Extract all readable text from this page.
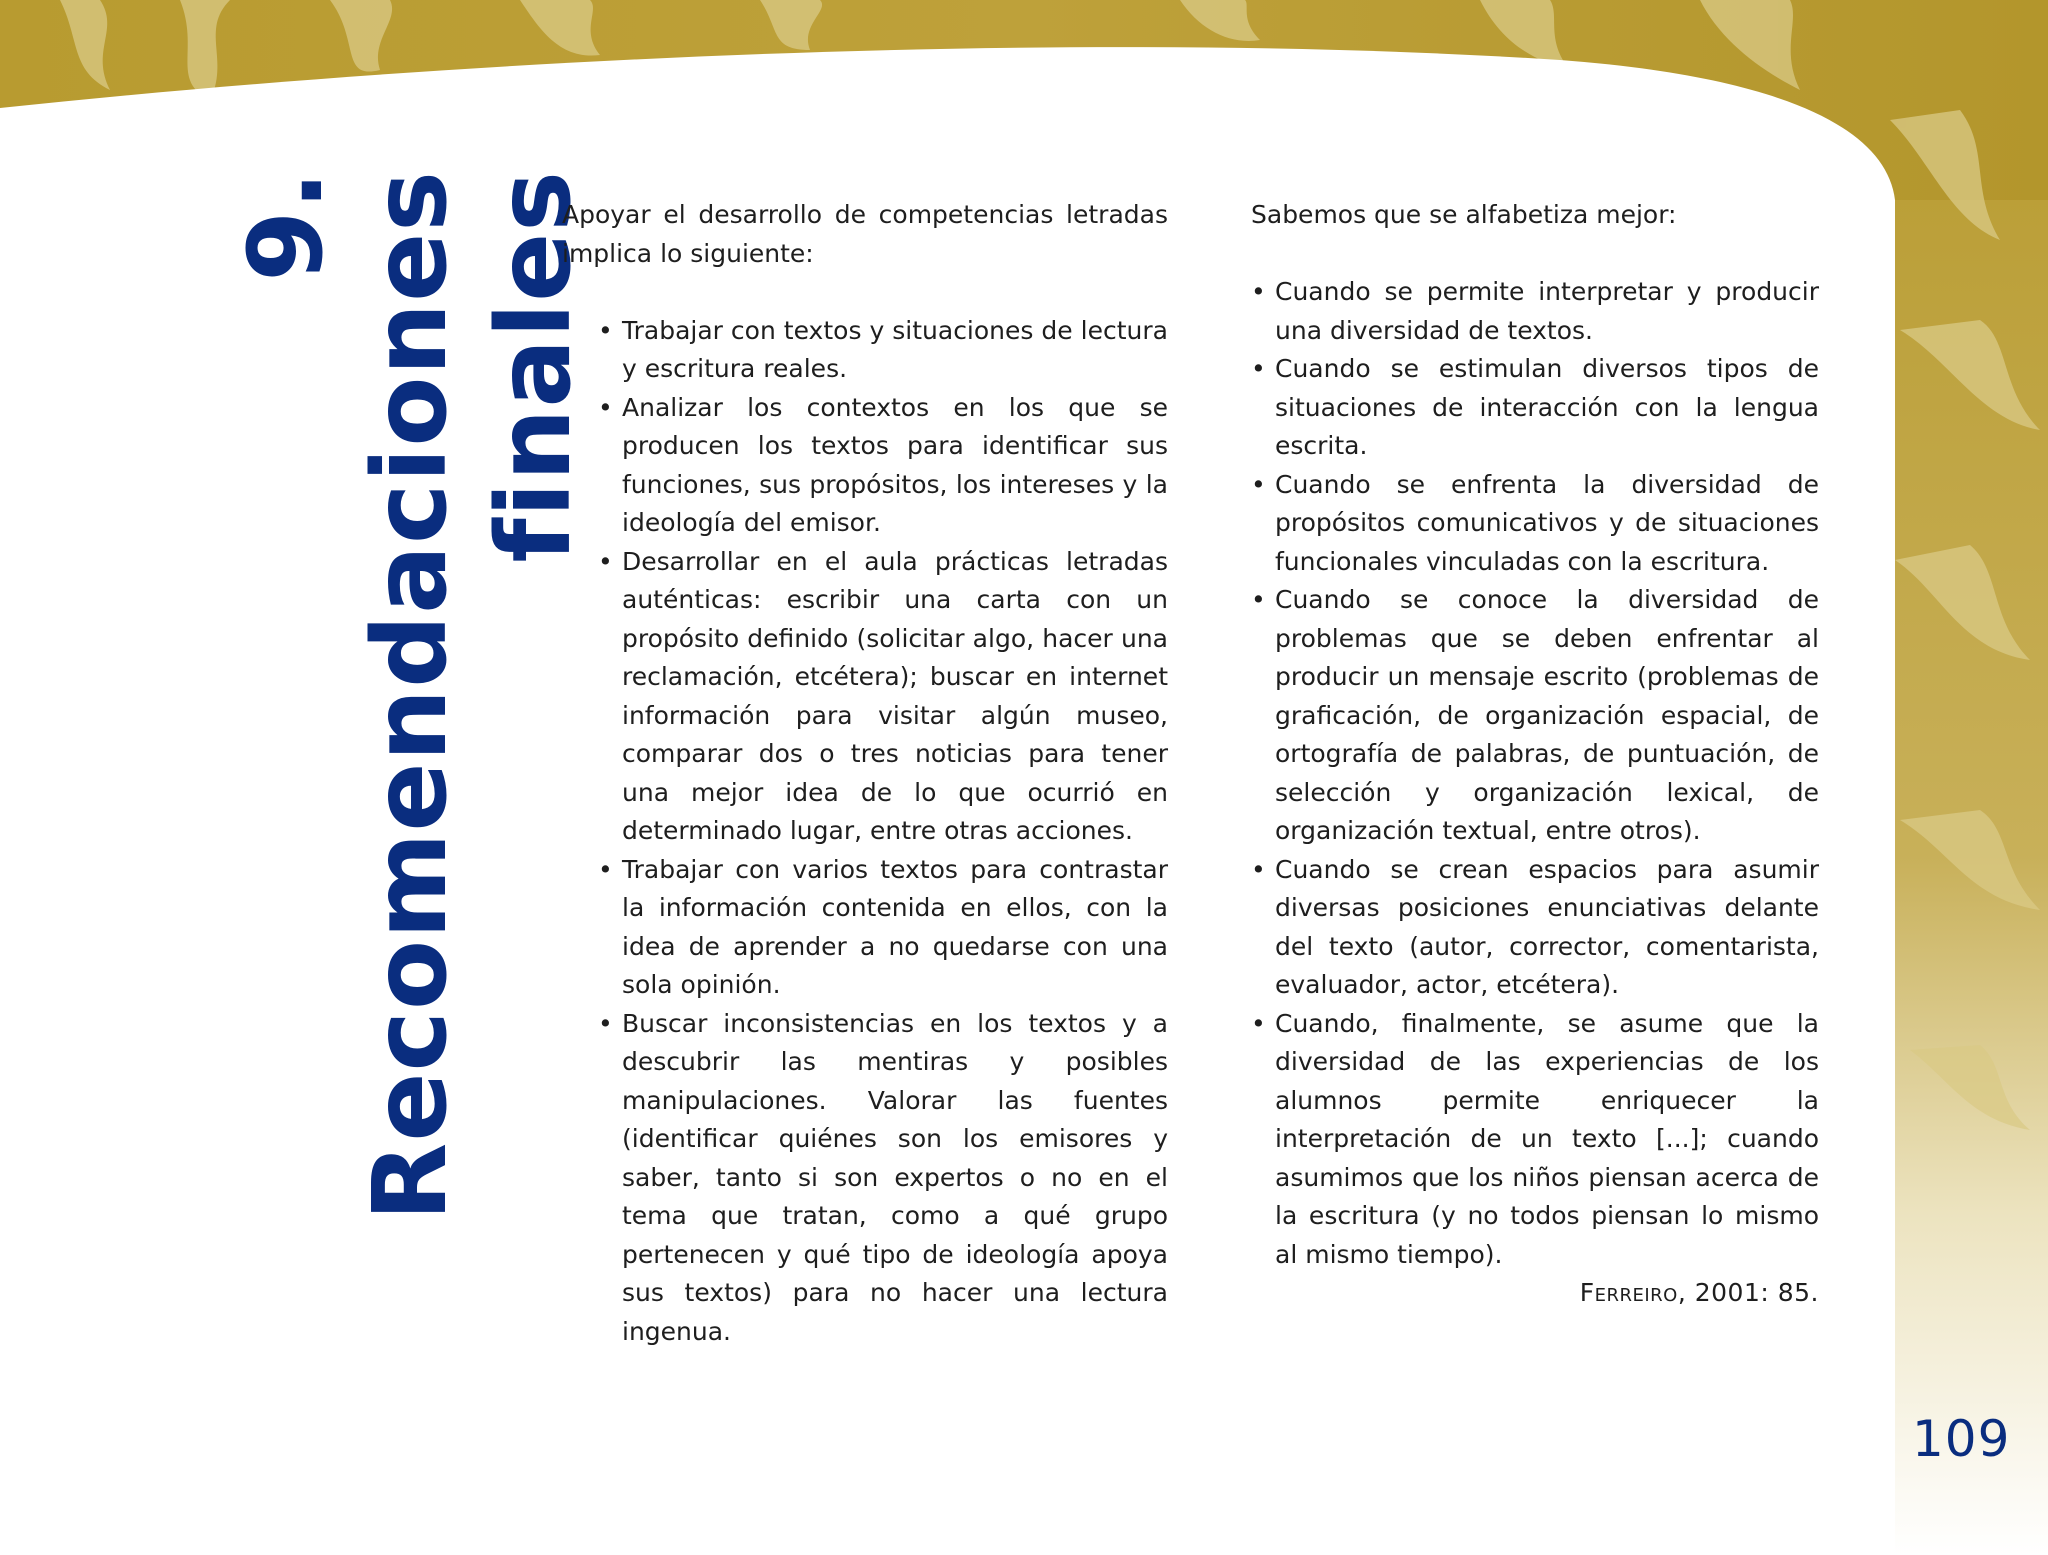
9. Recomendaciones finales

Apoyar el desarrollo de competencias letradas implica lo siguiente:

• Trabajar con textos y situaciones de lectura y escritura reales.
• Analizar los contextos en los que se producen los textos para identificar sus funciones, sus propósitos, los intereses y la ideología del emisor.
• Desarrollar en el aula prácticas letradas auténticas: escribir una carta con un propósito definido (solicitar algo, hacer una reclamación, etcétera); buscar en internet información para visitar algún museo, comparar dos o tres noticias para tener una mejor idea de lo que ocurrió en determinado lugar, entre otras acciones.
• Trabajar con varios textos para contrastar la información contenida en ellos, con la idea de aprender a no quedarse con una sola opinión.
• Buscar inconsistencias en los textos y a descubrir las mentiras y posibles manipulaciones. Valorar las fuentes (identificar quiénes son los emisores y saber, tanto si son expertos o no en el tema que tratan, como a qué grupo pertenecen y qué tipo de ideología apoya sus textos) para no hacer una lectura ingenua.

Sabemos que se alfabetiza mejor:

• Cuando se permite interpretar y producir una diversidad de textos.
• Cuando se estimulan diversos tipos de situaciones de interacción con la lengua escrita.
• Cuando se enfrenta la diversidad de propósitos comunicativos y de situaciones funcionales vinculadas con la escritura.
• Cuando se conoce la diversidad de problemas que se deben enfrentar al producir un mensaje escrito (problemas de graficación, de organización espacial, de ortografía de palabras, de puntuación, de selección y organización lexical, de organización textual, entre otros).
• Cuando se crean espacios para asumir diversas posiciones enunciativas delante del texto (autor, corrector, comentarista, evaluador, actor, etcétera).
• Cuando, finalmente, se asume que la diversidad de las experiencias de los alumnos permite enriquecer la interpretación de un texto [...]; cuando asumimos que los niños piensan acerca de la escritura (y no todos piensan lo mismo al mismo tiempo).

Ferreiro, 2001: 85.

109
